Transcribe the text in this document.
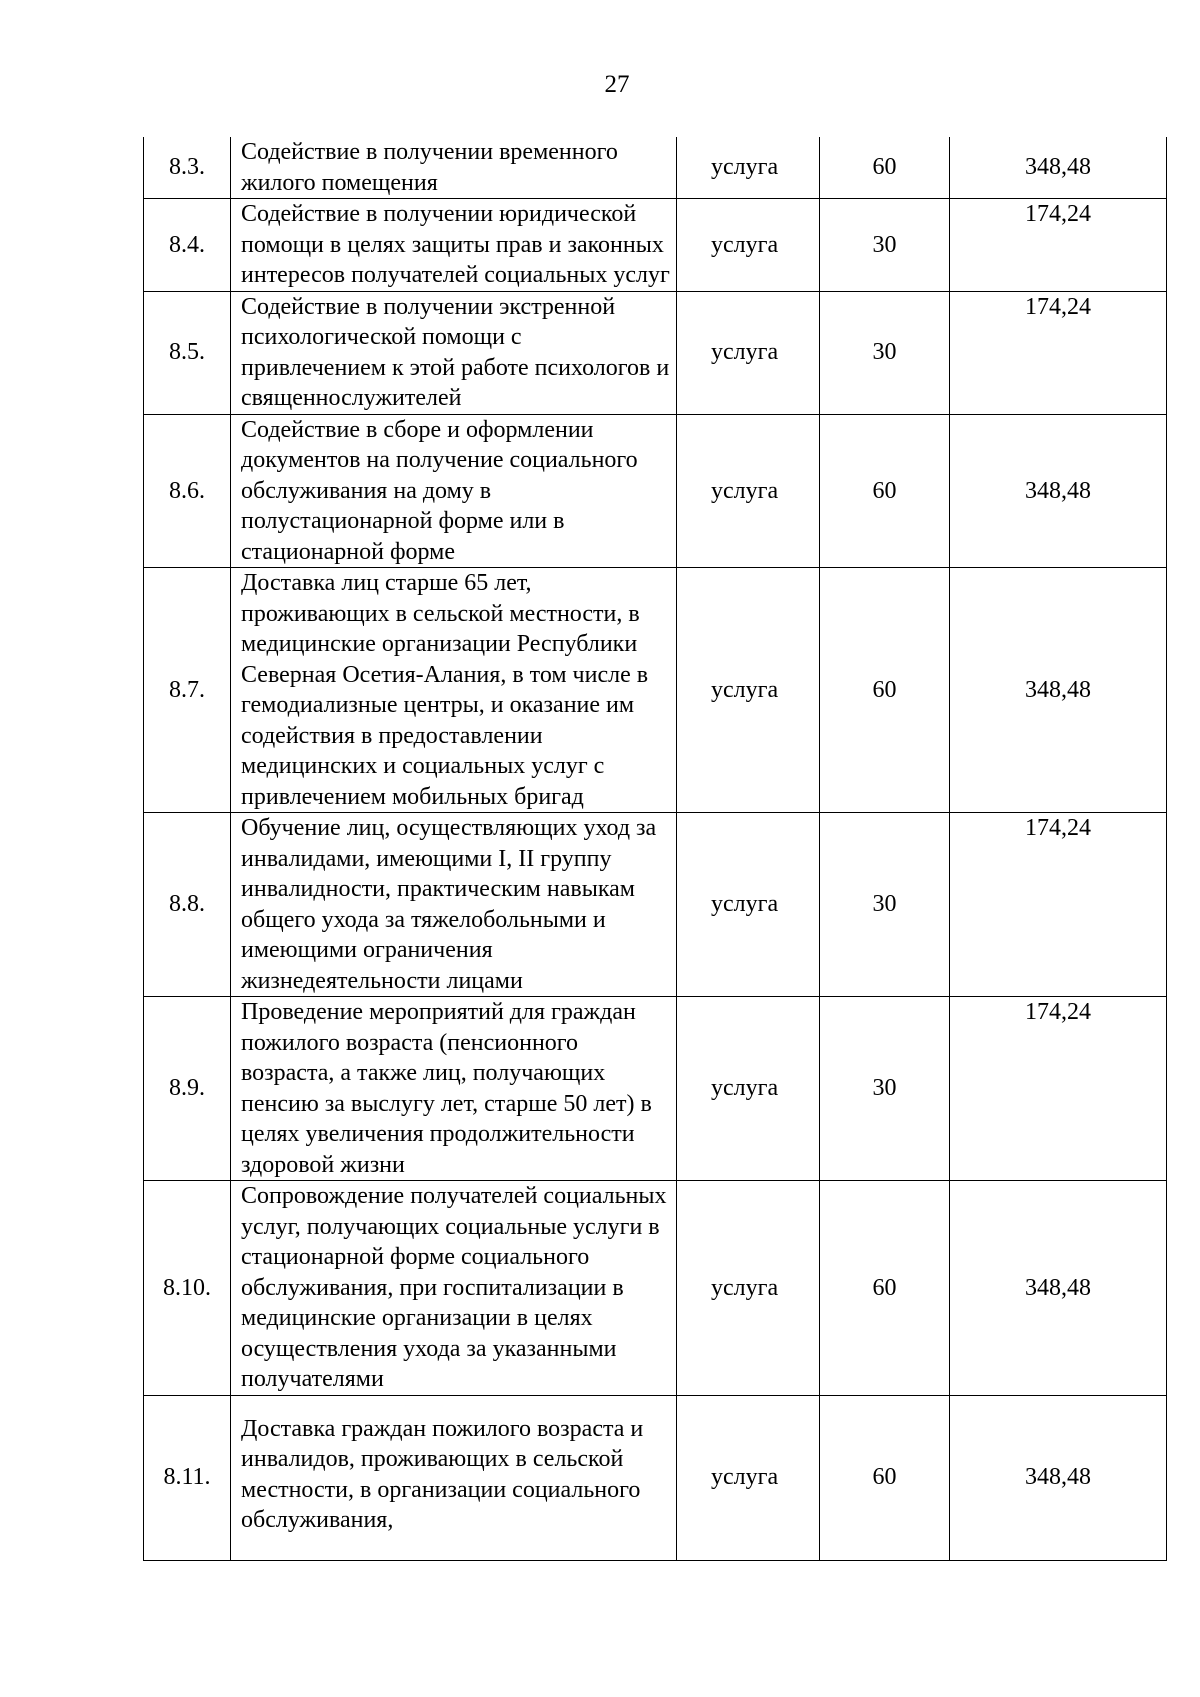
27
8.3.	Содействие в получении временного жилого помещения	услуга	60	348,48
8.4.	Содействие в получении юридической помощи в целях защиты прав и законных интересов получателей социальных услуг	услуга	30	174,24
8.5.	Содействие в получении экстренной психологической помощи с привлечением к этой работе психологов и священнослужителей	услуга	30	174,24
8.6.	Содействие в сборе и оформлении документов на получение социального обслуживания на дому в полустационарной форме или в стационарной форме	услуга	60	348,48
8.7.	Доставка лиц старше 65 лет, проживающих в сельской местности, в медицинские организации Республики Северная Осетия-Алания, в том числе в гемодиализные центры, и оказание им содействия в предоставлении медицинских и социальных услуг с привлечением мобильных бригад	услуга	60	348,48
8.8.	Обучение лиц, осуществляющих уход за инвалидами, имеющими I, II группу инвалидности, практическим навыкам общего ухода за тяжелобольными и имеющими ограничения жизнедеятельности лицами	услуга	30	174,24
8.9.	Проведение мероприятий для граждан пожилого возраста (пенсионного возраста, а также лиц, получающих пенсию за выслугу лет, старше 50 лет) в целях увеличения продолжительности здоровой жизни	услуга	30	174,24
8.10.	Сопровождение получателей социальных услуг, получающих социальные услуги в стационарной форме социального обслуживания, при госпитализации в медицинские организации в целях осуществления ухода за указанными получателями	услуга	60	348,48
8.11.	Доставка граждан пожилого возраста и инвалидов, проживающих в сельской местности, в организации социального обслуживания,	услуга	60	348,48
